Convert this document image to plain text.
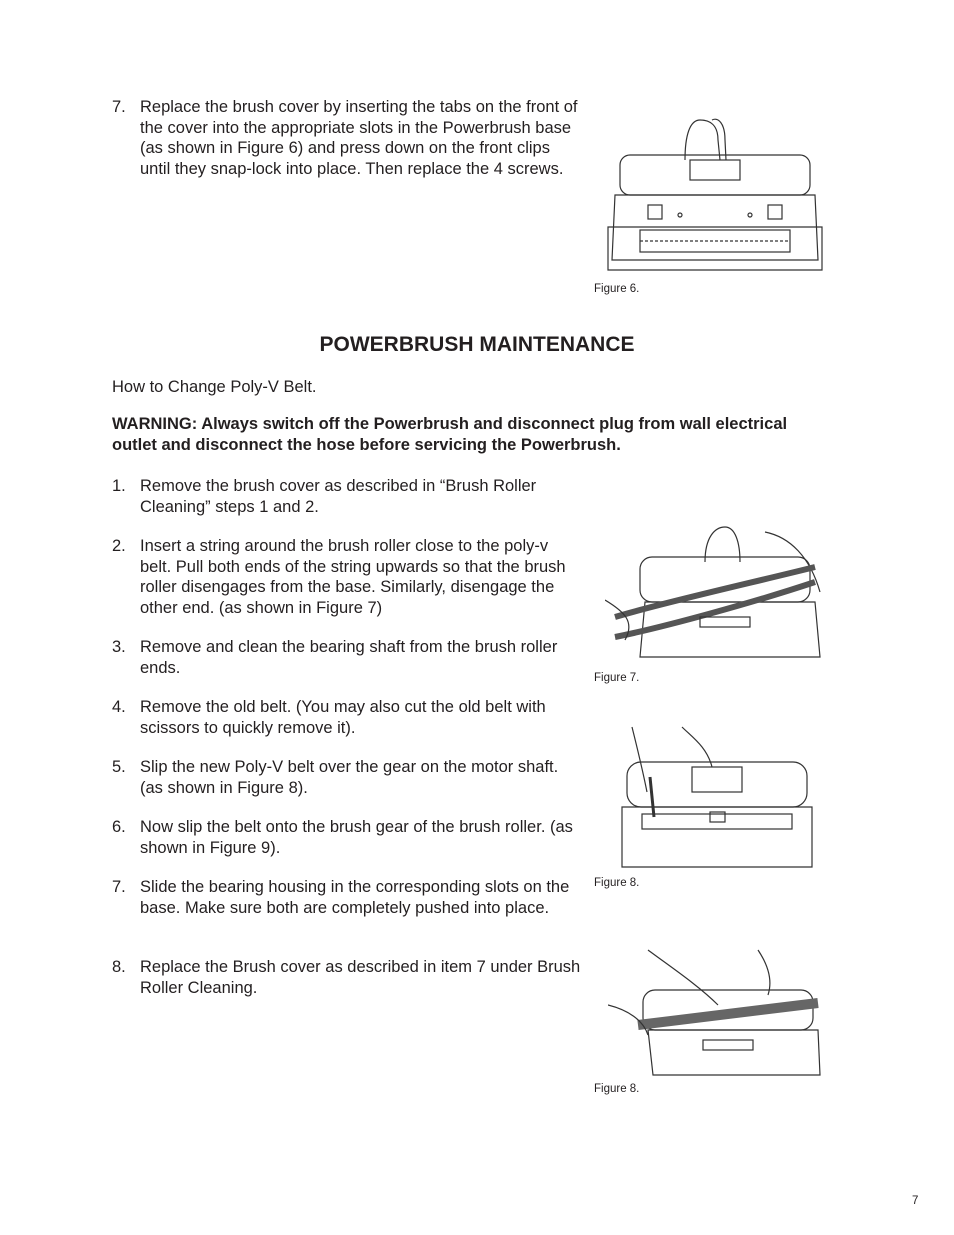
7. Replace the brush cover by inserting the tabs on the front of the cover into the appropriate slots in the Powerbrush base (as shown in Figure 6) and press down on the front clips until they snap-lock into place. Then replace the 4 screws.
Figure 6.
POWERBRUSH MAINTENANCE
How to Change Poly-V Belt.
WARNING: Always switch off the Powerbrush and disconnect plug from wall electrical outlet and disconnect the hose before servicing the Powerbrush.
1. Remove the brush cover as described in “Brush Roller Cleaning” steps 1 and 2.
2. Insert a string around the brush roller close to the poly-v belt. Pull both ends of the string upwards so that the brush roller disengages from the base. Similarly, disengage the other end. (as shown in Figure 7)
3. Remove and clean the bearing shaft from the brush roller ends.
4. Remove the old belt. (You may also cut the old belt with scissors to quickly remove it).
5. Slip the new Poly-V belt over the gear on the motor shaft. (as shown in Figure 8).
6. Now slip the belt onto the brush gear of the brush roller. (as shown in Figure 9).
7. Slide the bearing housing in the corresponding slots on the base. Make sure both are completely pushed into place.
8. Replace the Brush cover as described in item 7 under Brush Roller Cleaning.
Figure 7.
Figure 8.
Figure 8.
7
